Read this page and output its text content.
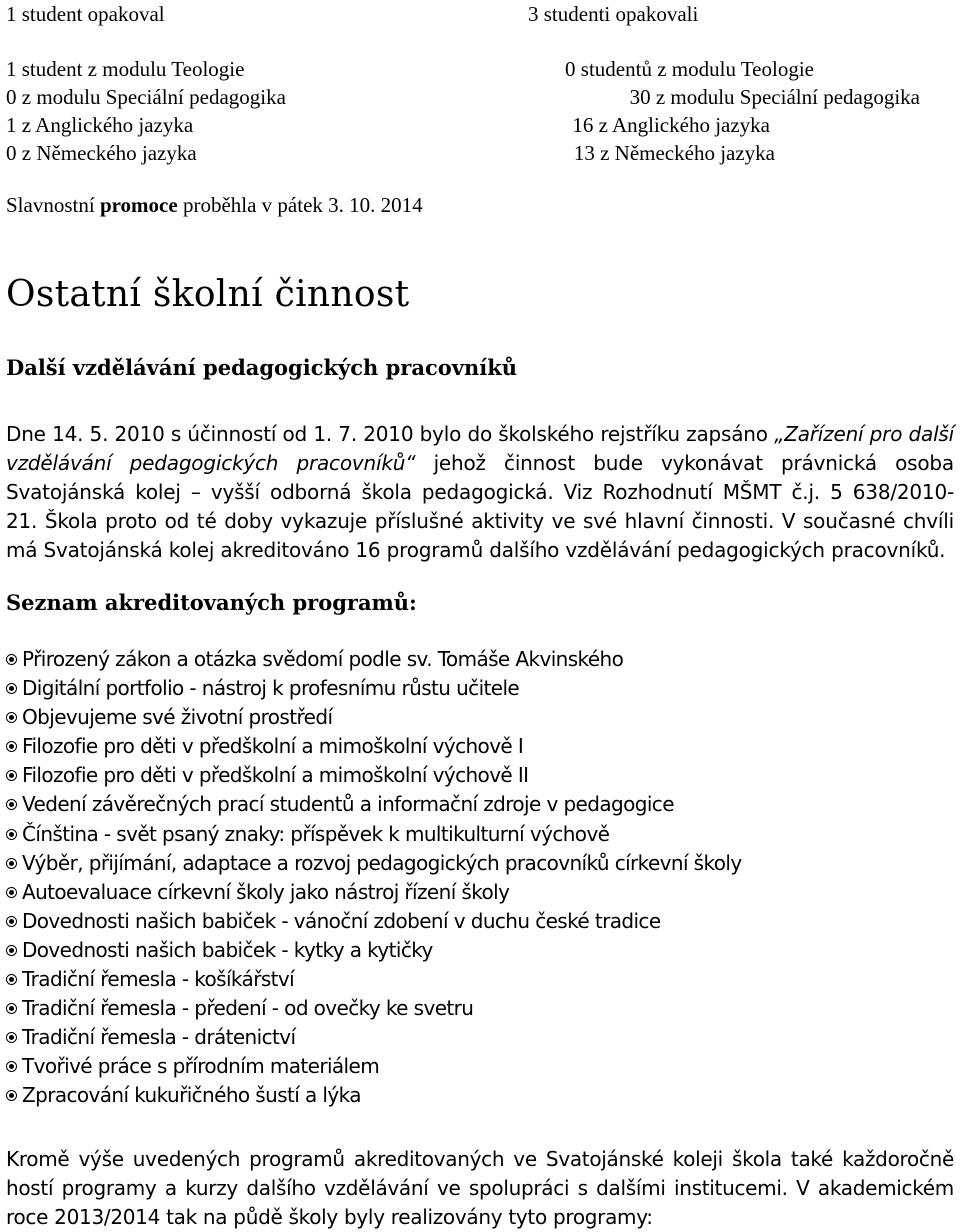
1 student opakoval	3 studenti opakovali
1 student z modulu Teologie
0 z modulu Speciální pedagogika
1 z Anglického jazyka
0 z Německého jazyka
0 studentů z modulu Teologie
30 z modulu Speciální pedagogika
16 z Anglického jazyka
13 z Německého jazyka
Slavnostní promoce proběhla v pátek 3. 10. 2014
Ostatní školní činnost
Další vzdělávání pedagogických pracovníků
Dne 14. 5. 2010 s účinností od 1. 7. 2010 bylo do školského rejstříku zapsáno „Zařízení pro další
vzdělávání pedagogických pracovníků“ jehož činnost bude vykonávat právnická osoba
Svatojánská kolej – vyšší odborná škola pedagogická. Viz Rozhodnutí MŠMT č.j. 5 638/2010-
21. Škola proto od té doby vykazuje příslušné aktivity ve své hlavní činnosti. V současné chvíli
má Svatojánská kolej akreditováno 16 programů dalšího vzdělávání pedagogických pracovníků.
Seznam akreditovaných programů:
Přirozený zákon a otázka svědomí podle sv. Tomáše Akvinského
Digitální portfolio - nástroj k profesnímu růstu učitele
Objevujeme své životní prostředí
Filozofie pro děti v předškolní a mimoškolní výchově I
Filozofie pro děti v předškolní a mimoškolní výchově II
Vedení závěrečných prací studentů a informační zdroje v pedagogice
Čínština - svět psaný znaky: příspěvek k multikulturní výchově
Výběr, přijímání, adaptace a rozvoj pedagogických pracovníků církevní školy
Autoevaluace církevní školy jako nástroj řízení školy
Dovednosti našich babiček - vánoční zdobení v duchu české tradice
Dovednosti našich babiček - kytky a kytičky
Tradiční řemesla - košíkářství
Tradiční řemesla - předení - od ovečky ke svetru
Tradiční řemesla - drátenictví
Tvořivé práce s přírodním materiálem
Zpracování kukuřičného šustí a lýka
Kromě výše uvedených programů akreditovaných ve Svatojánské koleji škola také každoročně
hostí programy a kurzy dalšího vzdělávání ve spolupráci s dalšími institucemi. V akademickém
roce 2013/2014 tak na půdě školy byly realizovány tyto programy:
